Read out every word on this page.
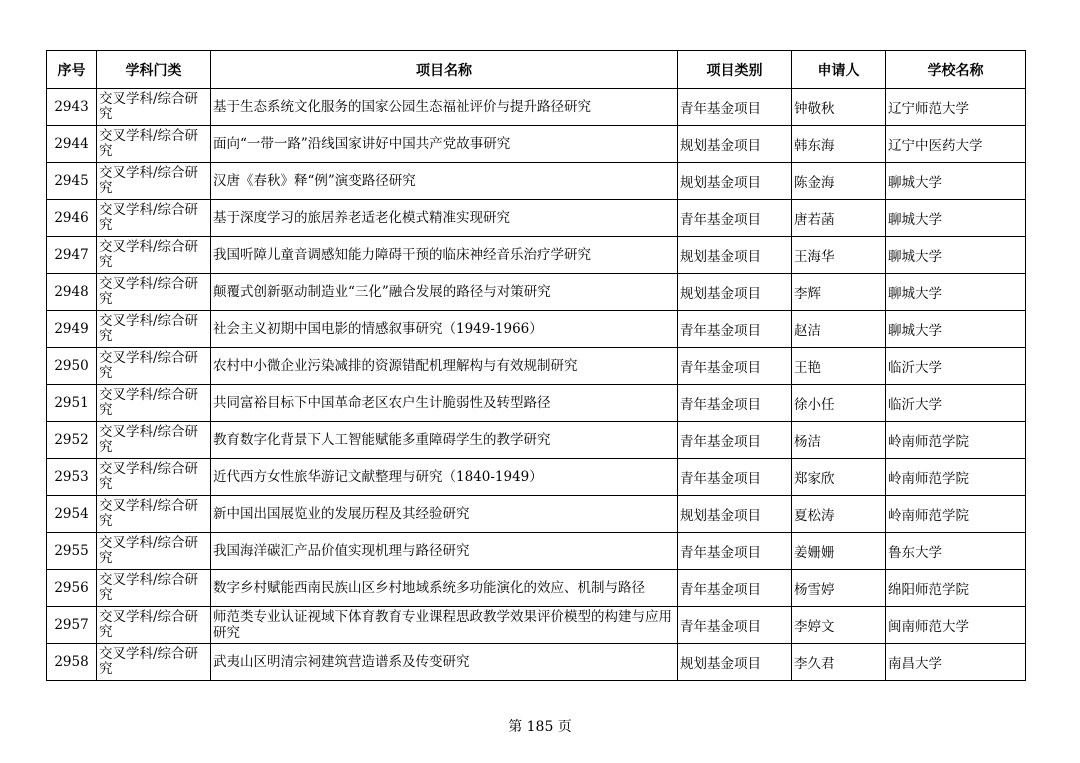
序号	学科门类	项目名称	项目类别	申请人	学校名称
2943	交叉学科/综合研究	基于生态系统文化服务的国家公园生态福祉评价与提升路径研究	青年基金项目	钟敬秋	辽宁师范大学
2944	交叉学科/综合研究	面向“一带一路”沿线国家讲好中国共产党故事研究	规划基金项目	韩东海	辽宁中医药大学
2945	交叉学科/综合研究	汉唐《春秋》释“例”演变路径研究	规划基金项目	陈金海	聊城大学
2946	交叉学科/综合研究	基于深度学习的旅居养老适老化模式精准实现研究	青年基金项目	唐若菡	聊城大学
2947	交叉学科/综合研究	我国听障儿童音调感知能力障碍干预的临床神经音乐治疗学研究	规划基金项目	王海华	聊城大学
2948	交叉学科/综合研究	颠覆式创新驱动制造业“三化”融合发展的路径与对策研究	规划基金项目	李辉	聊城大学
2949	交叉学科/综合研究	社会主义初期中国电影的情感叙事研究（1949-1966）	青年基金项目	赵洁	聊城大学
2950	交叉学科/综合研究	农村中小微企业污染减排的资源错配机理解构与有效规制研究	青年基金项目	王艳	临沂大学
2951	交叉学科/综合研究	共同富裕目标下中国革命老区农户生计脆弱性及转型路径	青年基金项目	徐小任	临沂大学
2952	交叉学科/综合研究	教育数字化背景下人工智能赋能多重障碍学生的教学研究	青年基金项目	杨洁	岭南师范学院
2953	交叉学科/综合研究	近代西方女性旅华游记文献整理与研究（1840-1949）	青年基金项目	郑家欣	岭南师范学院
2954	交叉学科/综合研究	新中国出国展览业的发展历程及其经验研究	规划基金项目	夏松涛	岭南师范学院
2955	交叉学科/综合研究	我国海洋碳汇产品价值实现机理与路径研究	青年基金项目	姜姗姗	鲁东大学
2956	交叉学科/综合研究	数字乡村赋能西南民族山区乡村地域系统多功能演化的效应、机制与路径	青年基金项目	杨雪婷	绵阳师范学院
2957	交叉学科/综合研究	师范类专业认证视域下体育教育专业课程思政教学效果评价模型的构建与应用研究	青年基金项目	李婷文	闽南师范大学
2958	交叉学科/综合研究	武夷山区明清宗祠建筑营造谱系及传变研究	规划基金项目	李久君	南昌大学
第 185 页
